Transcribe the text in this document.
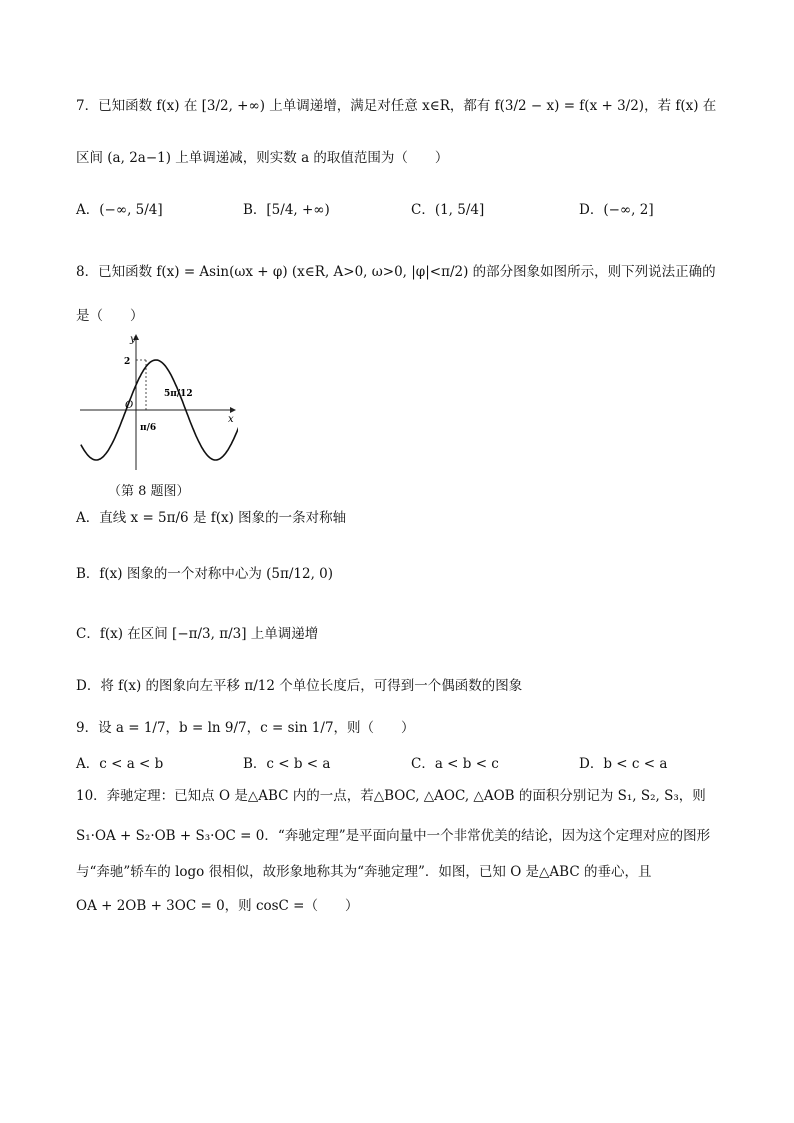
7．已知函数 f(x) 在 [3/2, +∞) 上单调递增，满足对任意 x∈R，都有 f(3/2 − x) = f(x + 3/2)，若 f(x) 在
区间 (a, 2a−1) 上单调递减，则实数 a 的取值范围为（　　）
A．(−∞, 5/4]	B．[5/4, +∞)	C．(1, 5/4]	D．(−∞, 2]
8．已知函数 f(x) = Asin(ωx + φ) (x∈R, A>0, ω>0, |φ|<π/2) 的部分图象如图所示，则下列说法正确的
是（　　）
y
x
O
2
π/6
5π/12
（第 8 题图）
A．直线 x = 5π/6 是 f(x) 图象的一条对称轴
B．f(x) 图象的一个对称中心为 (5π/12, 0)
C．f(x) 在区间 [−π/3, π/3] 上单调递增
D．将 f(x) 的图象向左平移 π/12 个单位长度后，可得到一个偶函数的图象
9．设 a = 1/7，b = ln 9/7，c = sin 1/7，则（　　）
A．c < a < b	B．c < b < a	C．a < b < c	D．b < c < a
10．奔驰定理：已知点 O 是△ABC 内的一点，若△BOC, △AOC, △AOB 的面积分别记为 S₁, S₂, S₃，则
S₁·OA + S₂·OB + S₃·OC = 0．“奔驰定理”是平面向量中一个非常优美的结论，因为这个定理对应的图形
与“奔驰”轿车的 logo 很相似，故形象地称其为“奔驰定理”．如图，已知 O 是△ABC 的垂心，且
OA + 2OB + 3OC = 0，则 cosC =（　　）
